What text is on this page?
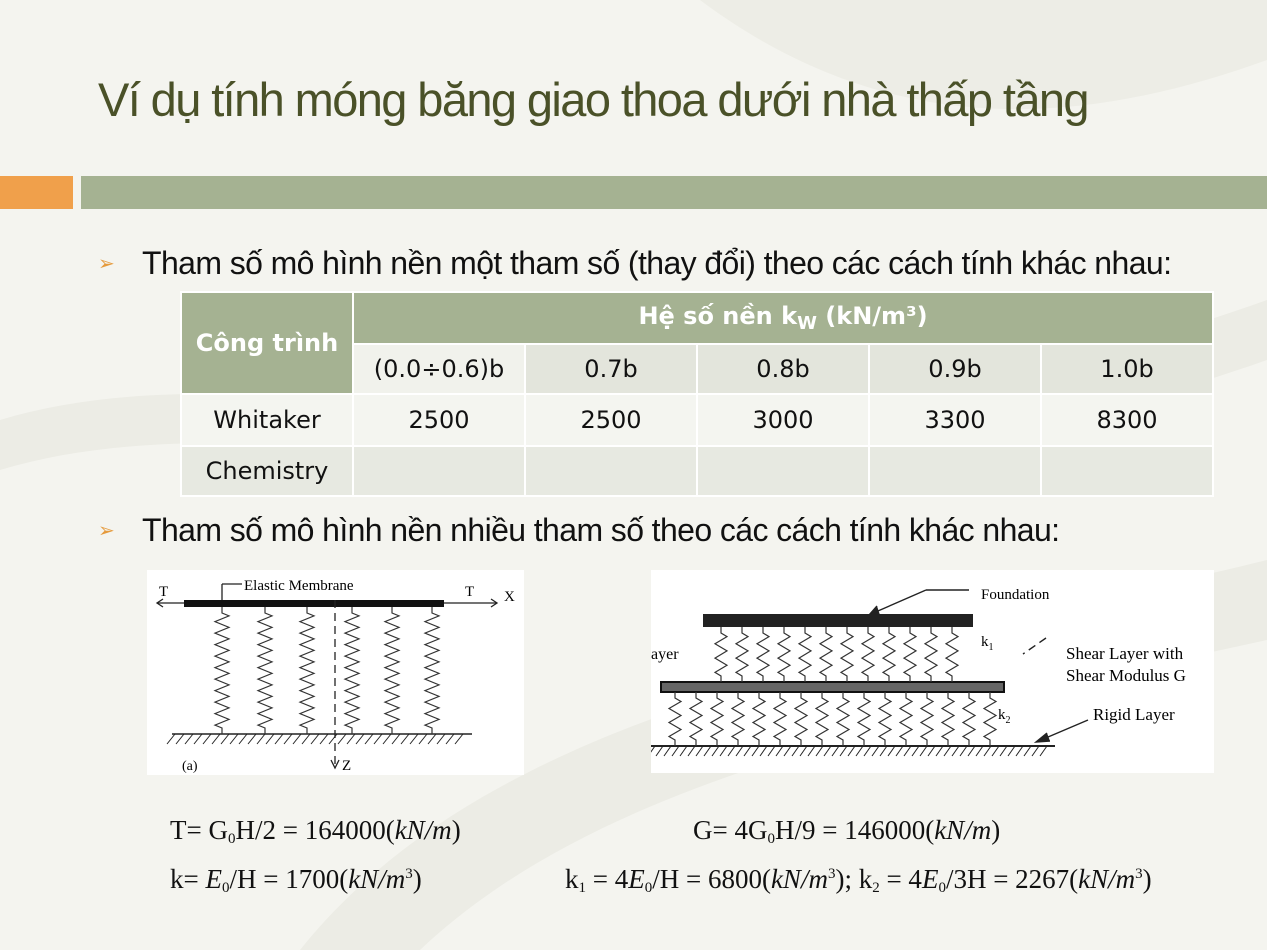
Ví dụ tính móng băng giao thoa dưới nhà thấp tầng
➢ Tham số mô hình nền một tham số (thay đổi) theo các cách tính khác nhau:
Công trình	Hệ số nền $k_W$ (kN/m³)				
	(0.0÷0.6)b	0.7b	0.8b	0.9b	1.0b
Whitaker	2500	2500	3000	3300	8300
Chemistry					
➢ Tham số mô hình nền nhiều tham số theo các cách tính khác nhau:
Elastic Membrane
T	T X
Z
(a)
Foundation
ayer
$k_1$	Shear Layer with
Shear Modulus G
$k_2$	Rigid Layer
$T= G_0H/2 = 164000(kN/m)$	$G= 4G_0H/9 = 146000(kN/m)$
$k= E_0/H = 1700(kN/m^3)$	$k_1 = 4E_0/H = 6800(kN/m^3)$; $k_2 = 4E_0/3H = 2267(kN/m^3)$
